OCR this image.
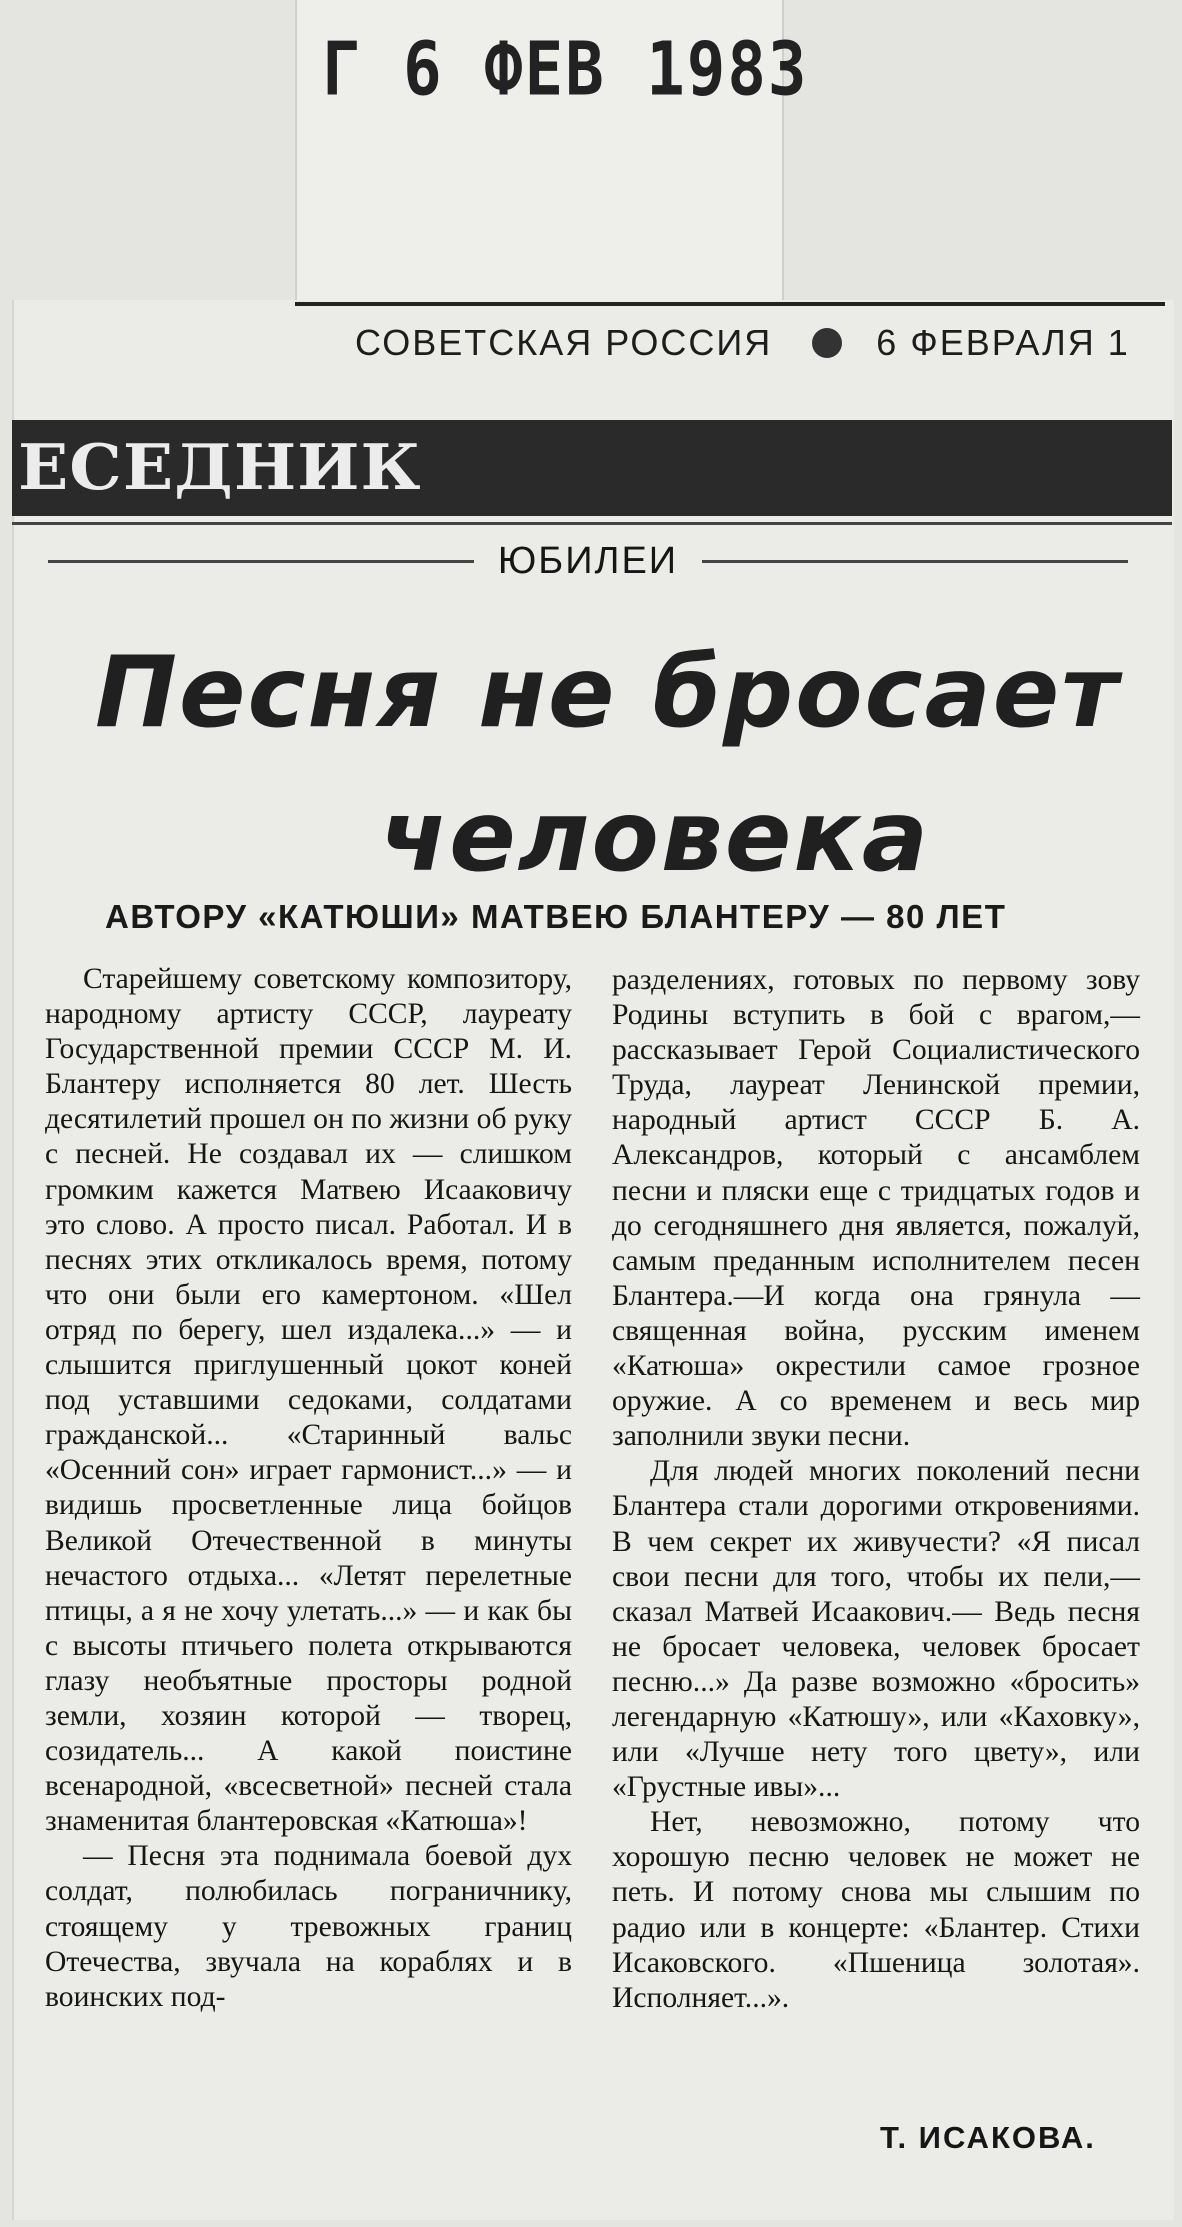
Г 6 ФЕВ 1983
СОВЕТСКАЯ РОССИЯ	6 ФЕВРАЛЯ 1
ЕСЕДНИК
ЮБИЛЕИ
Песня не бросает
человека
АВТОРУ «КАТЮШИ» МАТВЕЮ БЛАНТЕРУ — 80 ЛЕТ

Старейшему советскому композитору, народному артисту СССР, лауреату Государственной премии СССР М. И. Блантеру исполняется 80 лет. Шесть десятилетий прошел он по жизни об руку с песней. Не создавал их — слишком громким кажется Матвею Исааковичу это слово. А просто писал. Работал. И в песнях этих откликалось время, потому что они были его камертоном. «Шел отряд по берегу, шел издалека...» — и слышится приглушенный цокот коней под уставшими седоками, солдатами гражданской... «Старинный вальс «Осенний сон» играет гармонист...» — и видишь просветленные лица бойцов Великой Отечественной в минуты нечастого отдыха... «Летят перелетные птицы, а я не хочу улетать...» — и как бы с высоты птичьего полета открываются глазу необъятные просторы родной земли, хозяин которой — творец, созидатель... А какой поистине всенародной, «всесветной» песней стала знаменитая блантеровская «Катюша»!

— Песня эта поднимала боевой дух солдат, полюбилась пограничнику, стоящему у тревожных границ Отечества, звучала на кораблях и в воинских под-

разделениях, готовых по первому зову Родины вступить в бой с врагом,— рассказывает Герой Социалистического Труда, лауреат Ленинской премии, народный артист СССР Б. А. Александров, который с ансамблем песни и пляски еще с тридцатых годов и до сегодняшнего дня является, пожалуй, самым преданным исполнителем песен Блантера.—И когда она грянула — священная война, русским именем «Катюша» окрестили самое грозное оружие. А со временем и весь мир заполнили звуки песни.

Для людей многих поколений песни Блантера стали дорогими откровениями. В чем секрет их живучести? «Я писал свои песни для того, чтобы их пели,— сказал Матвей Исаакович.— Ведь песня не бросает человека, человек бросает песню...» Да разве возможно «бросить» легендарную «Катюшу», или «Каховку», или «Лучше нету того цвету», или «Грустные ивы»...

Нет, невозможно, потому что хорошую песню человек не может не петь. И потому снова мы слышим по радио или в концерте: «Блантер. Стихи Исаковского. «Пшеница золотая». Исполняет...».

Т. ИСАКОВА.
